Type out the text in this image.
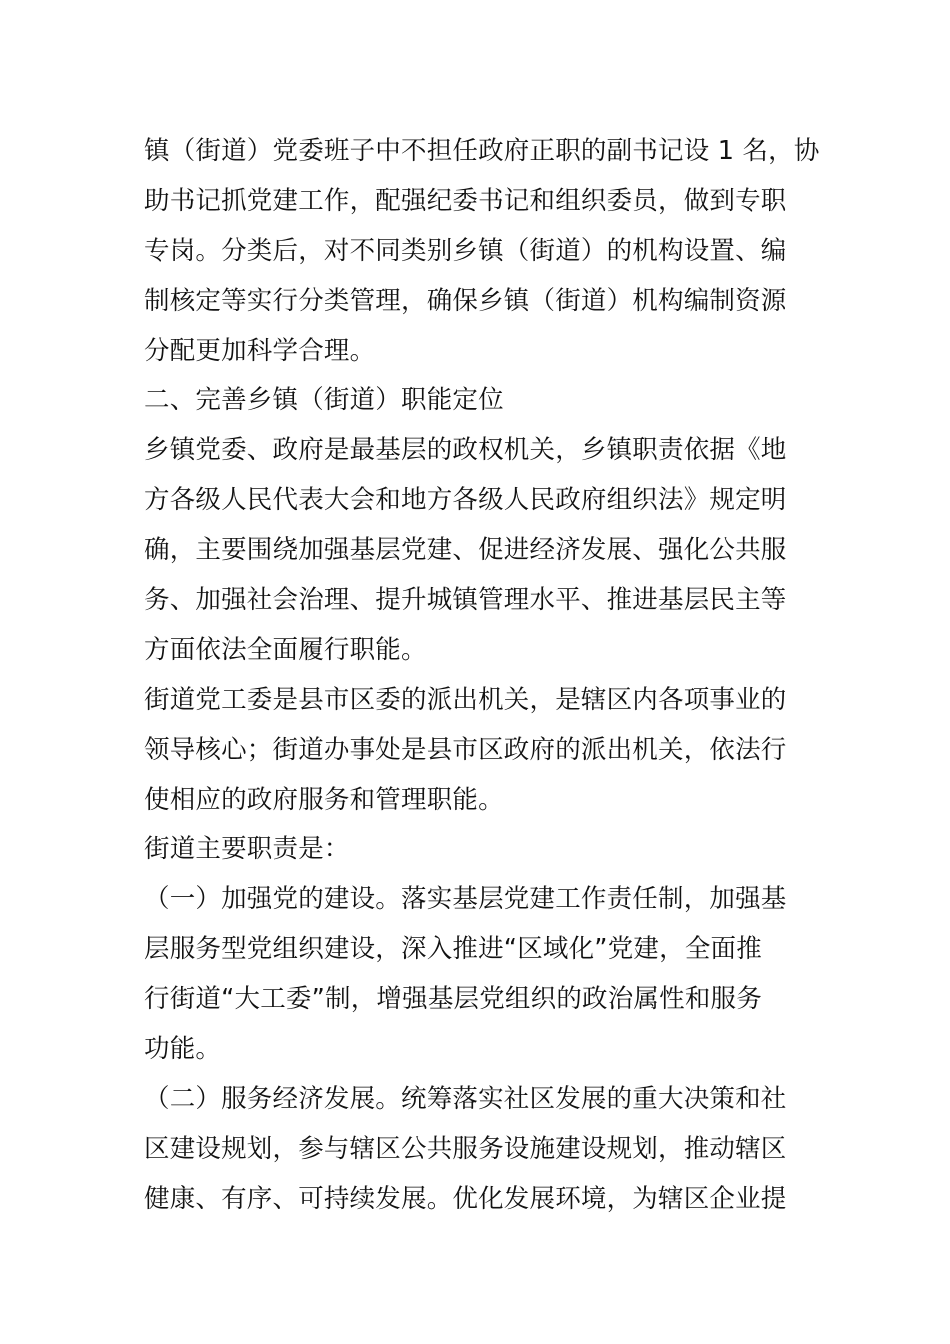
镇（街道）党委班子中不担任政府正职的副书记设 1 名，协
助书记抓党建工作，配强纪委书记和组织委员，做到专职
专岗。分类后，对不同类别乡镇（街道）的机构设置、编
制核定等实行分类管理，确保乡镇（街道）机构编制资源
分配更加科学合理。
二、完善乡镇（街道）职能定位
乡镇党委、政府是最基层的政权机关，乡镇职责依据《地
方各级人民代表大会和地方各级人民政府组织法》规定明
确，主要围绕加强基层党建、促进经济发展、强化公共服
务、加强社会治理、提升城镇管理水平、推进基层民主等
方面依法全面履行职能。
街道党工委是县市区委的派出机关，是辖区内各项事业的
领导核心；街道办事处是县市区政府的派出机关，依法行
使相应的政府服务和管理职能。
街道主要职责是：
（一）加强党的建设。落实基层党建工作责任制，加强基
层服务型党组织建设，深入推进“区域化”党建，全面推
行街道“大工委”制，增强基层党组织的政治属性和服务
功能。
（二）服务经济发展。统筹落实社区发展的重大决策和社
区建设规划，参与辖区公共服务设施建设规划，推动辖区
健康、有序、可持续发展。优化发展环境，为辖区企业提
